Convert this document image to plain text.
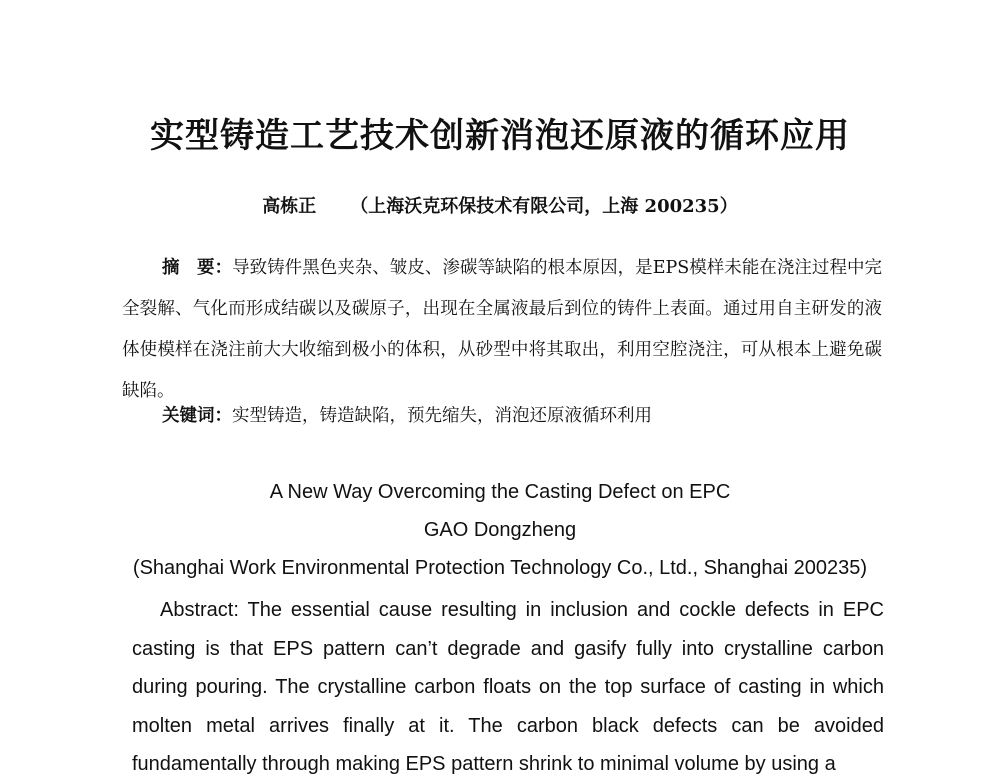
实型铸造工艺技术创新消泡还原液的循环应用
高栋正 （上海沃克环保技术有限公司，上海 200235）

摘　要：导致铸件黑色夹杂、皱皮、渗碳等缺陷的根本原因，是EPS模样未能在浇注过程中完全裂解、气化而形成结碳以及碳原子，出现在全属液最后到位的铸件上表面。通过用自主研发的液体使模样在浇注前大大收缩到极小的体积，从砂型中将其取出，利用空腔浇注，可从根本上避免碳缺陷。

关键词：实型铸造，铸造缺陷，预先缩失，消泡还原液循环利用

A New Way Overcoming the Casting Defect on EPC
GAO Dongzheng
(Shanghai Work Environmental Protection Technology Co., Ltd., Shanghai 200235)

Abstract: The essential cause resulting in inclusion and cockle defects in EPC casting is that EPS pattern can’t degrade and gasify fully into crystalline carbon during pouring. The crystalline carbon floats on the top surface of casting in which molten metal arrives finally at it. The carbon black defects can be avoided fundamentally through making EPS pattern shrink to minimal volume by using a
